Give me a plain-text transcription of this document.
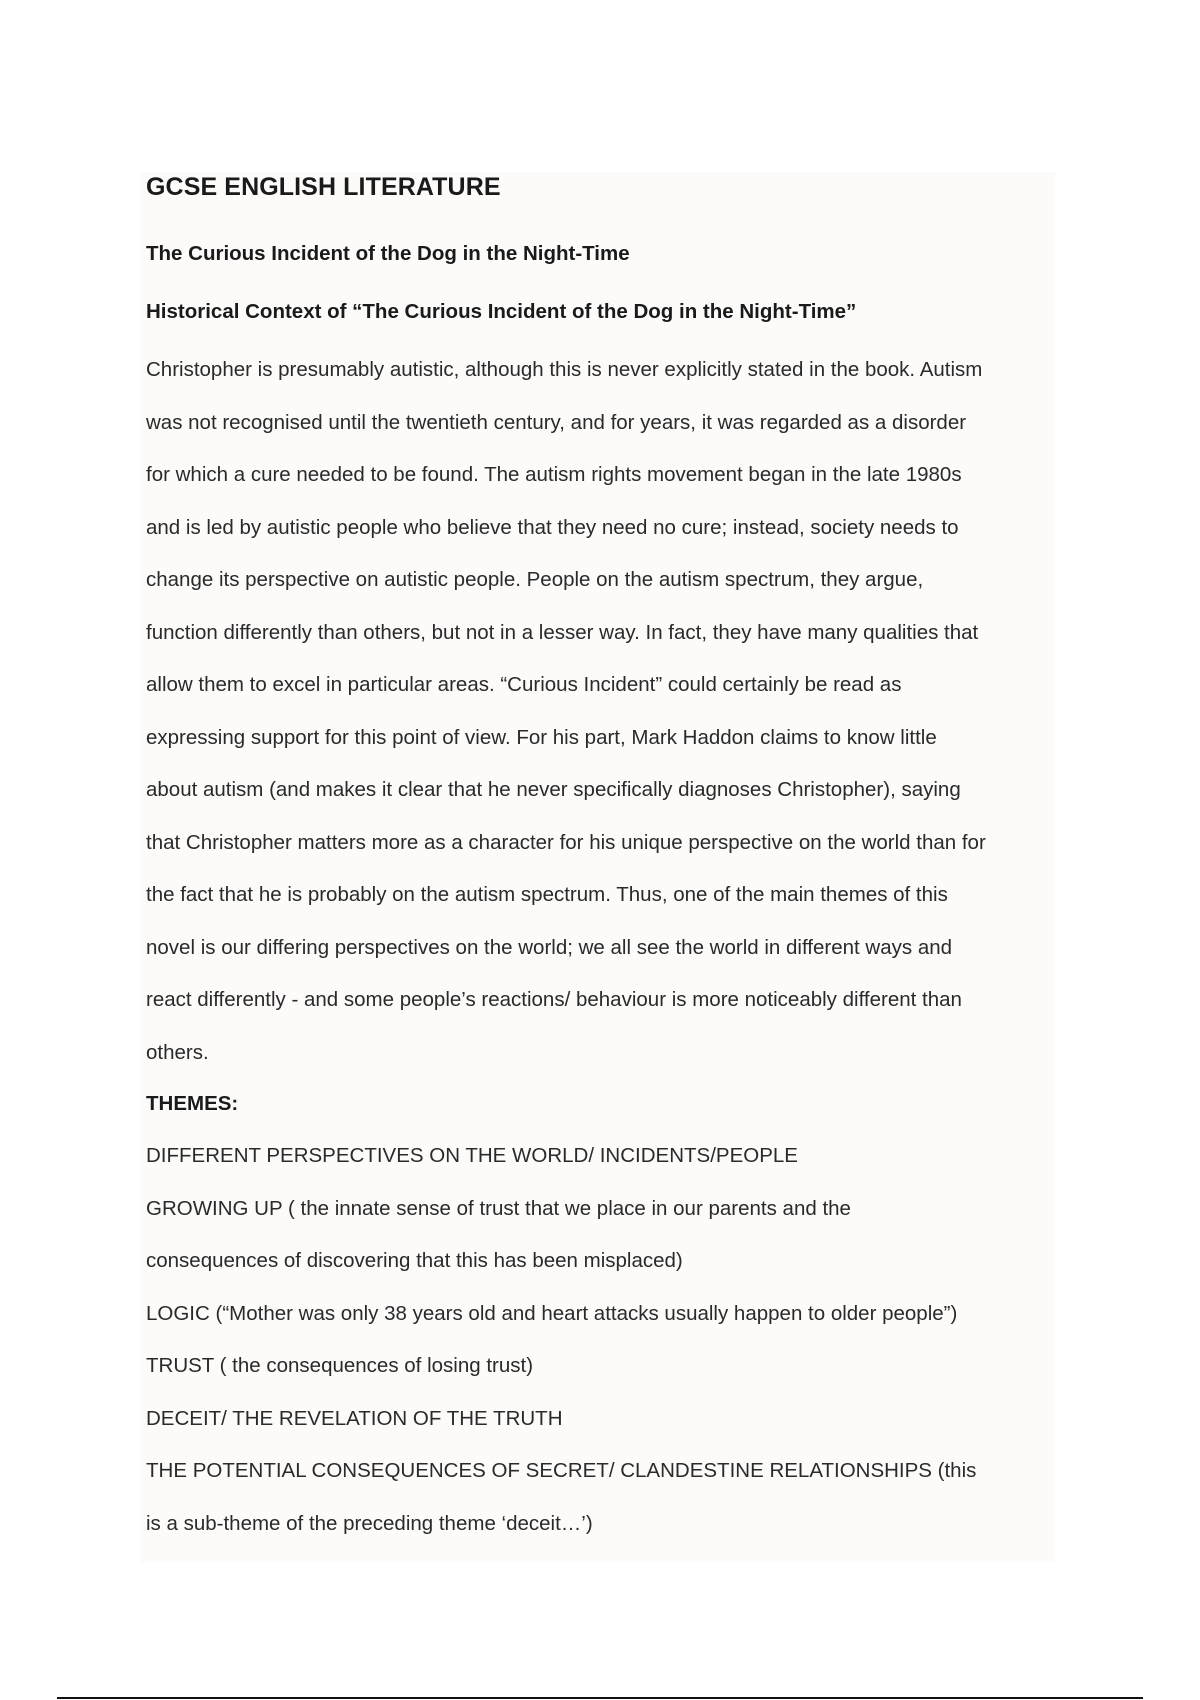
GCSE ENGLISH LITERATURE
The Curious Incident of the Dog in the Night-Time
Historical Context of “The Curious Incident of the Dog in the Night-Time”
Christopher is presumably autistic, although this is never explicitly stated in the book. Autism
was not recognised until the twentieth century, and for years, it was regarded as a disorder
for which a cure needed to be found. The autism rights movement began in the late 1980s
and is led by autistic people who believe that they need no cure; instead, society needs to
change its perspective on autistic people. People on the autism spectrum, they argue,
function differently than others, but not in a lesser way. In fact, they have many qualities that
allow them to excel in particular areas. “Curious Incident” could certainly be read as
expressing support for this point of view. For his part, Mark Haddon claims to know little
about autism (and makes it clear that he never specifically diagnoses Christopher), saying
that Christopher matters more as a character for his unique perspective on the world than for
the fact that he is probably on the autism spectrum. Thus, one of the main themes of this
novel is our differing perspectives on the world; we all see the world in different ways and
react differently - and some people’s reactions/ behaviour is more noticeably different than
others.
THEMES:
DIFFERENT PERSPECTIVES ON THE WORLD/ INCIDENTS/PEOPLE
GROWING UP ( the innate sense of trust that we place in our parents and the
consequences of discovering that this has been misplaced)
LOGIC (“Mother was only 38 years old and heart attacks usually happen to older people”)
TRUST ( the consequences of losing trust)
DECEIT/ THE REVELATION OF THE TRUTH
THE POTENTIAL CONSEQUENCES OF SECRET/ CLANDESTINE RELATIONSHIPS (this
is a sub-theme of the preceding theme ‘deceit…’)
